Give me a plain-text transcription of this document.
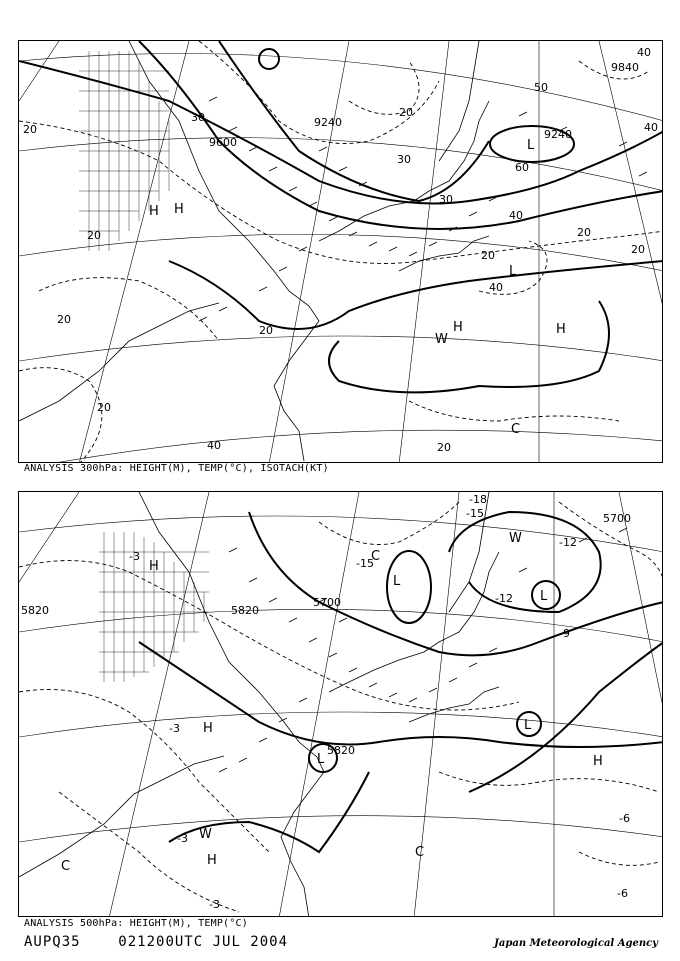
9600
9240
9240
9840
20
20
20
20
20
20
20
20
20
20
30
30
30
40
40
40
40
40
50
60
H H
H	H
L
L
W
C
ANALYSIS 300hPa: HEIGHT(M), TEMP(°C), ISOTACH(KT)
5700
5700
5820	5820
5820
-3
-3
-3
-3
-6
-6
-9
-12
-15
-15
-18
-12
H
H
H
H
L
L
L
L
W
W
C
C
C
ANALYSIS 500hPa: HEIGHT(M), TEMP(°C)
AUPQ35	021200UTC JUL 2004	Japan Meteorological Agency
